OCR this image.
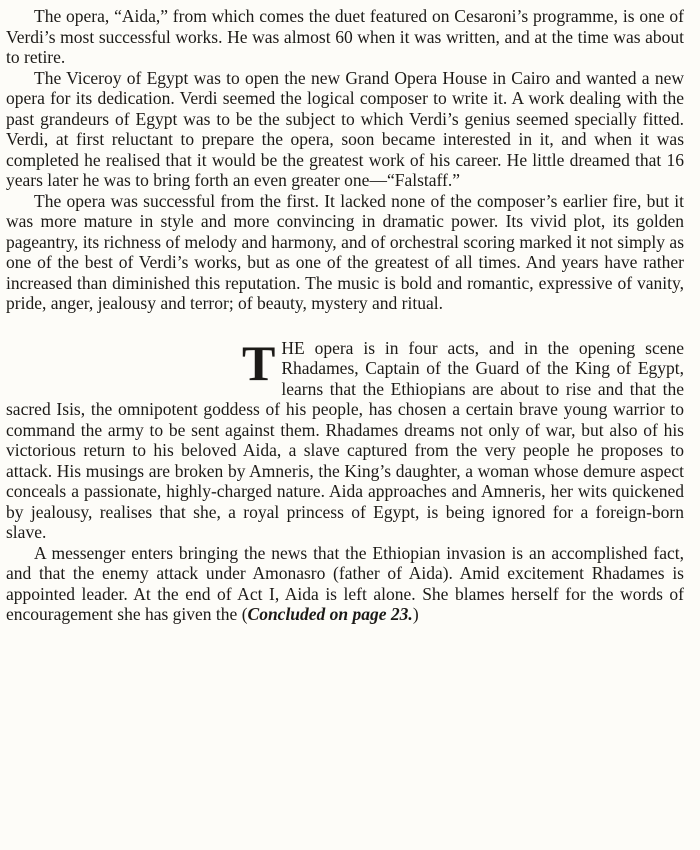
The opera, “Aida,” from which comes the duet featured on Cesaroni’s programme, is one of Verdi’s most successful works. He was almost 60 when it was written, and at the time was about to retire.

The Viceroy of Egypt was to open the new Grand Opera House in Cairo and wanted a new opera for its dedication. Verdi seemed the logical composer to write it. A work dealing with the past grandeurs of Egypt was to be the subject to which Verdi’s genius seemed specially fitted. Verdi, at first reluctant to prepare the opera, soon became interested in it, and when it was completed he realised that it would be the greatest work of his career. He little dreamed that 16 years later he was to bring forth an even greater one—“Falstaff.”

The opera was successful from the first. It lacked none of the composer’s earlier fire, but it was more mature in style and more convincing in dramatic power. Its vivid plot, its golden pageantry, its richness of melody and harmony, and of orchestral scoring marked it not simply as one of the best of Verdi’s works, but as one of the greatest of all times. And years have rather increased than diminished this reputation. The music is bold and romantic, expressive of vanity, pride, anger, jealousy and terror; of beauty, mystery and ritual.

THE opera is in four acts, and in the opening scene Rhadames, Captain of the Guard of the King of Egypt, learns that the Ethiopians are about to rise and that the sacred Isis, the omnipotent goddess of his people, has chosen a certain brave young warrior to command the army to be sent against them. Rhadames dreams not only of war, but also of his victorious return to his beloved Aida, a slave captured from the very people he proposes to attack. His musings are broken by Amneris, the King’s daughter, a woman whose demure aspect conceals a passionate, highly-charged nature. Aida approaches and Amneris, her wits quickened by jealousy, realises that she, a royal princess of Egypt, is being ignored for a foreign-born slave.

A messenger enters bringing the news that the Ethiopian invasion is an accomplished fact, and that the enemy attack under Amonasro (father of Aida). Amid excitement Rhadames is appointed leader. At the end of Act I, Aida is left alone. She blames herself for the words of encouragement she has given the (Concluded on page 23.)
